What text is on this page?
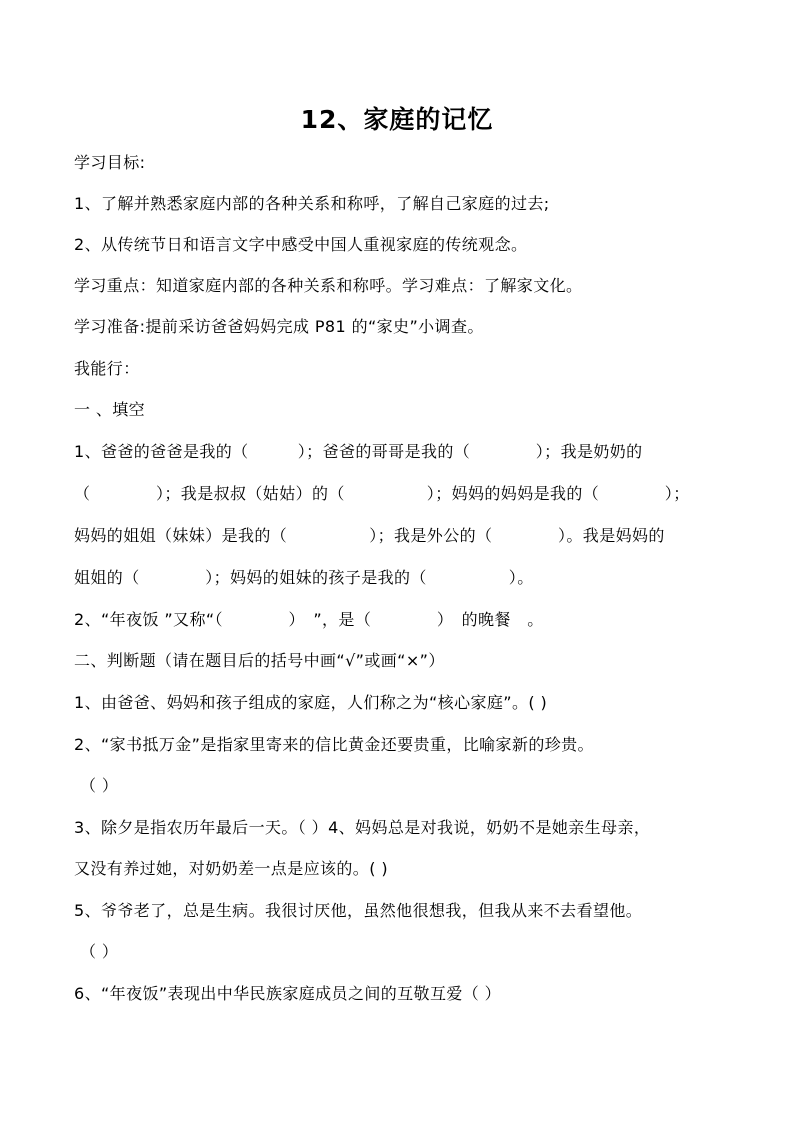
12、家庭的记忆
学习目标:
1、了解并熟悉家庭内部的各种关系和称呼，了解自己家庭的过去;
2、从传统节日和语言文字中感受中国人重视家庭的传统观念。
学习重点：知道家庭内部的各种关系和称呼。学习难点：了解家文化。
学习准备:提前采访爸爸妈妈完成 P81 的“家史”小调查。
我能行：
一 、填空
1、爸爸的爸爸是我的（　　　）；爸爸的哥哥是我的（　　　　）；我是奶奶的
（　　　　）；我是叔叔（姑姑）的（　　　　　）；妈妈的妈妈是我的（　　　　）；
妈妈的姐姐（妹妹）是我的（　　　　　）；我是外公的（　　　　）。我是妈妈的
姐姐的（　　　　）；妈妈的姐妹的孩子是我的（　　　　　）。
2、“年夜饭 ”又称“（　　　　）　”，是（　　　　）　的晚餐　。
二、判断题（请在题目后的括号中画“√”或画“×”）
1、由爸爸、妈妈和孩子组成的家庭，人们称之为“核心家庭”。( )
2、“家书抵万金”是指家里寄来的信比黄金还要贵重，比喻家新的珍贵。
（ ）
3、除夕是指农历年最后一天。（ ）4、妈妈总是对我说，奶奶不是她亲生母亲，
又没有养过她，对奶奶差一点是应该的。( )
5、爷爷老了，总是生病。我很讨厌他，虽然他很想我，但我从来不去看望他。
（ ）
6、“年夜饭”表现出中华民族家庭成员之间的互敬互爱（ ）
